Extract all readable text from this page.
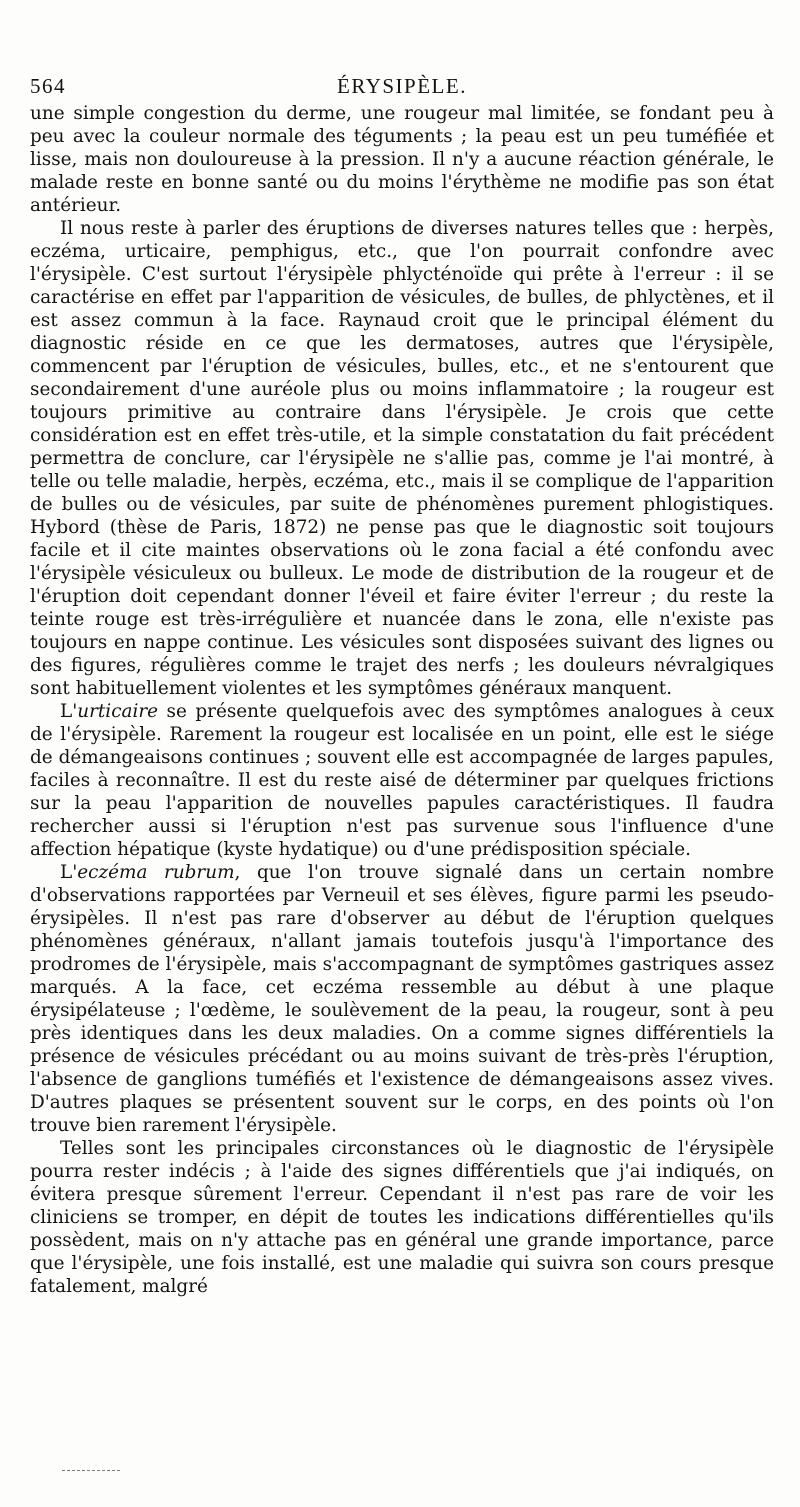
564	ÉRYSIPÈLE.

une simple congestion du derme, une rougeur mal limitée, se fondant peu à peu avec la couleur normale des téguments ; la peau est un peu tuméfiée et lisse, mais non douloureuse à la pression. Il n'y a aucune réaction générale, le malade reste en bonne santé ou du moins l'érythème ne modifie pas son état antérieur.

Il nous reste à parler des éruptions de diverses natures telles que : herpès, eczéma, urticaire, pemphigus, etc., que l'on pourrait confondre avec l'érysipèle. C'est surtout l'érysipèle phlycténoïde qui prête à l'erreur : il se caractérise en effet par l'apparition de vésicules, de bulles, de phlyctènes, et il est assez commun à la face. Raynaud croit que le principal élément du diagnostic réside en ce que les dermatoses, autres que l'érysipèle, commencent par l'éruption de vésicules, bulles, etc., et ne s'entourent que secondairement d'une auréole plus ou moins inflammatoire ; la rougeur est toujours primitive au contraire dans l'érysipèle. Je crois que cette considération est en effet très-utile, et la simple constatation du fait précédent permettra de conclure, car l'érysipèle ne s'allie pas, comme je l'ai montré, à telle ou telle maladie, herpès, eczéma, etc., mais il se complique de l'apparition de bulles ou de vésicules, par suite de phénomènes purement phlogistiques. Hybord (thèse de Paris, 1872) ne pense pas que le diagnostic soit toujours facile et il cite maintes observations où le zona facial a été confondu avec l'érysipèle vésiculeux ou bulleux. Le mode de distribution de la rougeur et de l'éruption doit cependant donner l'éveil et faire éviter l'erreur ; du reste la teinte rouge est très-irrégulière et nuancée dans le zona, elle n'existe pas toujours en nappe continue. Les vésicules sont disposées suivant des lignes ou des figures, régulières comme le trajet des nerfs ; les douleurs névralgiques sont habituellement violentes et les symptômes généraux manquent.

L'urticaire se présente quelquefois avec des symptômes analogues à ceux de l'érysipèle. Rarement la rougeur est localisée en un point, elle est le siége de démangeaisons continues ; souvent elle est accompagnée de larges papules, faciles à reconnaître. Il est du reste aisé de déterminer par quelques frictions sur la peau l'apparition de nouvelles papules caractéristiques. Il faudra rechercher aussi si l'éruption n'est pas survenue sous l'influence d'une affection hépatique (kyste hydatique) ou d'une prédisposition spéciale.

L'eczéma rubrum, que l'on trouve signalé dans un certain nombre d'observations rapportées par Verneuil et ses élèves, figure parmi les pseudo-érysipèles. Il n'est pas rare d'observer au début de l'éruption quelques phénomènes généraux, n'allant jamais toutefois jusqu'à l'importance des prodromes de l'érysipèle, mais s'accompagnant de symptômes gastriques assez marqués. A la face, cet eczéma ressemble au début à une plaque érysipélateuse ; l'œdème, le soulèvement de la peau, la rougeur, sont à peu près identiques dans les deux maladies. On a comme signes différentiels la présence de vésicules précédant ou au moins suivant de très-près l'éruption, l'absence de ganglions tuméfiés et l'existence de démangeaisons assez vives. D'autres plaques se présentent souvent sur le corps, en des points où l'on trouve bien rarement l'érysipèle.

Telles sont les principales circonstances où le diagnostic de l'érysipèle pourra rester indécis ; à l'aide des signes différentiels que j'ai indiqués, on évitera presque sûrement l'erreur. Cependant il n'est pas rare de voir les cliniciens se tromper, en dépit de toutes les indications différentielles qu'ils possèdent, mais on n'y attache pas en général une grande importance, parce que l'érysipèle, une fois installé, est une maladie qui suivra son cours presque fatalement, malgré
